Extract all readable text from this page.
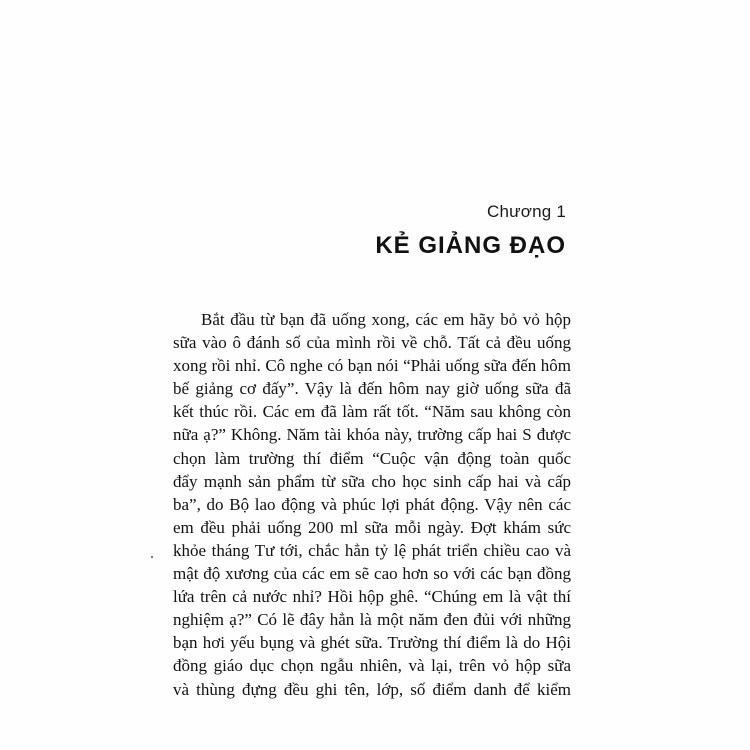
Chương 1
KẺ GIẢNG ĐẠO
Bắt đầu từ bạn đã uống xong, các em hãy bỏ vỏ hộp
sữa vào ô đánh số của mình rồi về chỗ. Tất cả đều uống
xong rồi nhỉ. Cô nghe có bạn nói “Phải uống sữa đến hôm
bế giảng cơ đấy”. Vậy là đến hôm nay giờ uống sữa đã
kết thúc rồi. Các em đã làm rất tốt. “Năm sau không còn
nữa ạ?” Không. Năm tài khóa này, trường cấp hai S được
chọn làm trường thí điểm “Cuộc vận động toàn quốc
đẩy mạnh sản phẩm từ sữa cho học sinh cấp hai và cấp
ba”, do Bộ lao động và phúc lợi phát động. Vậy nên các
em đều phải uống 200 ml sữa mỗi ngày. Đợt khám sức
khỏe tháng Tư tới, chắc hẳn tỷ lệ phát triển chiều cao và
mật độ xương của các em sẽ cao hơn so với các bạn đồng
lứa trên cả nước nhỉ? Hồi hộp ghê. “Chúng em là vật thí
nghiệm ạ?” Có lẽ đây hẳn là một năm đen đủi với những
bạn hơi yếu bụng và ghét sữa. Trường thí điểm là do Hội
đồng giáo dục chọn ngẫu nhiên, và lại, trên vỏ hộp sữa
và thùng đựng đều ghi tên, lớp, số điểm danh để kiểm
